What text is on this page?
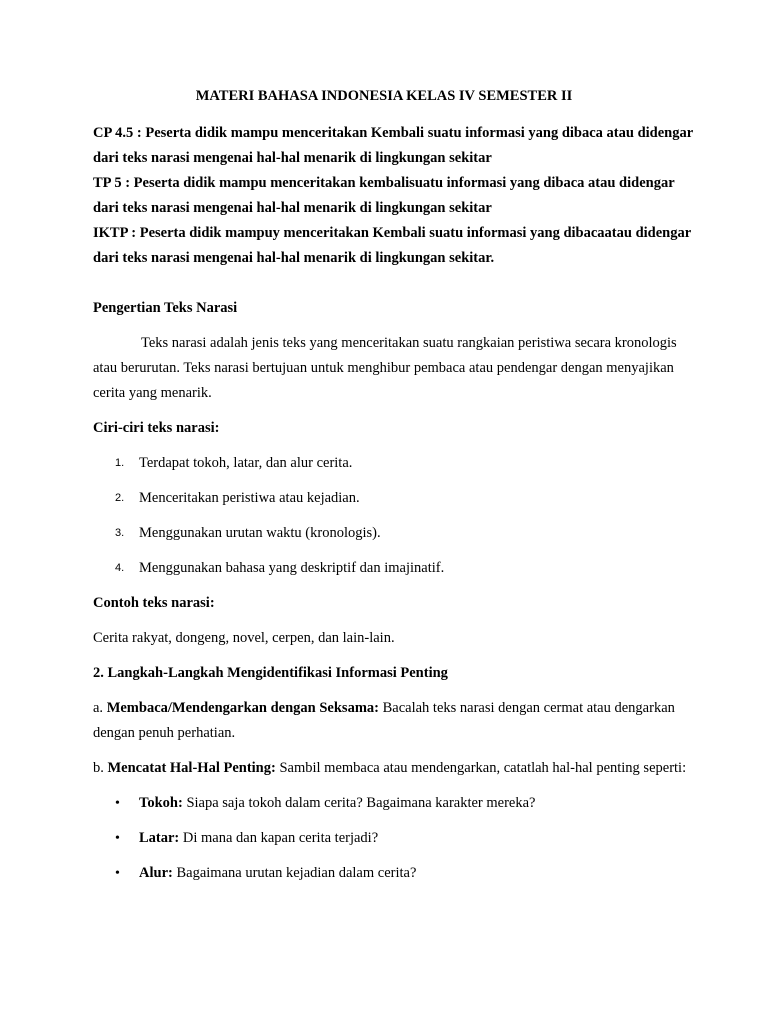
MATERI BAHASA INDONESIA KELAS IV SEMESTER II

CP 4.5 : Peserta didik mampu menceritakan Kembali suatu informasi yang dibaca atau didengar dari teks narasi mengenai hal-hal menarik di lingkungan sekitar

TP 5 : Peserta didik mampu menceritakan kembalisuatu informasi yang dibaca atau didengar dari teks narasi mengenai hal-hal menarik di lingkungan sekitar

IKTP : Peserta didik mampuy menceritakan Kembali suatu informasi yang dibacaatau didengar dari teks narasi mengenai hal-hal menarik di lingkungan sekitar.

Pengertian Teks Narasi

Teks narasi adalah jenis teks yang menceritakan suatu rangkaian peristiwa secara kronologis atau berurutan. Teks narasi bertujuan untuk menghibur pembaca atau pendengar dengan menyajikan cerita yang menarik.

Ciri-ciri teks narasi:

1. Terdapat tokoh, latar, dan alur cerita.
2. Menceritakan peristiwa atau kejadian.
3. Menggunakan urutan waktu (kronologis).
4. Menggunakan bahasa yang deskriptif dan imajinatif.

Contoh teks narasi:

Cerita rakyat, dongeng, novel, cerpen, dan lain-lain.

2. Langkah-Langkah Mengidentifikasi Informasi Penting

a. Membaca/Mendengarkan dengan Seksama: Bacalah teks narasi dengan cermat atau dengarkan dengan penuh perhatian.

b. Mencatat Hal-Hal Penting: Sambil membaca atau mendengarkan, catatlah hal-hal penting seperti:

• Tokoh: Siapa saja tokoh dalam cerita? Bagaimana karakter mereka?
• Latar: Di mana dan kapan cerita terjadi?
• Alur: Bagaimana urutan kejadian dalam cerita?
